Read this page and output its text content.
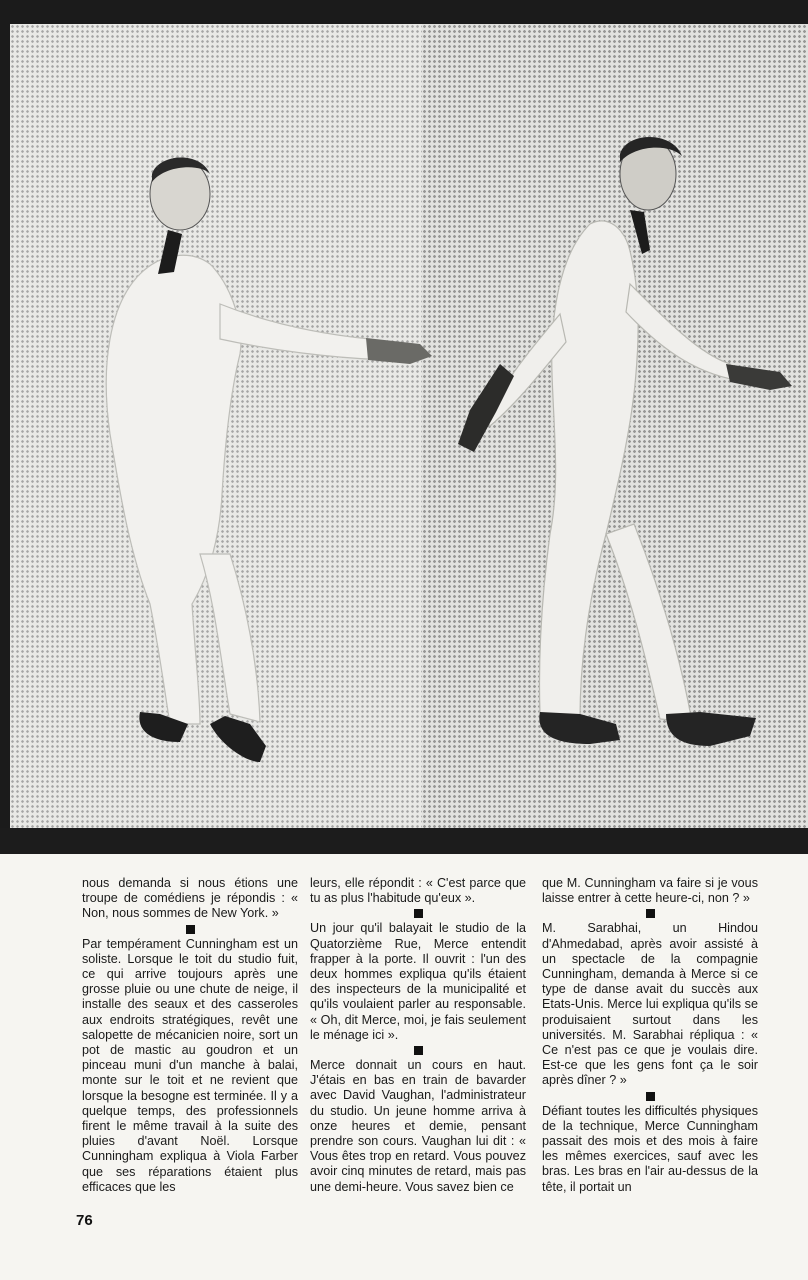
nous demanda si nous étions une troupe de comédiens je répondis : « Non, nous sommes de New York. »

Par tempérament Cunningham est un soliste. Lorsque le toit du studio fuit, ce qui arrive toujours après une grosse pluie ou une chute de neige, il installe des seaux et des casseroles aux endroits stratégiques, revêt une salopette de mécanicien noire, sort un pot de mastic au goudron et un pinceau muni d'un manche à balai, monte sur le toit et ne revient que lorsque la besogne est terminée. Il y a quelque temps, des professionnels firent le même travail à la suite des pluies d'avant Noël. Lorsque Cunningham expliqua à Viola Farber que ses réparations étaient plus efficaces que les

leurs, elle répondit : « C'est parce que tu as plus l'habitude qu'eux ».

Un jour qu'il balayait le studio de la Quatorzième Rue, Merce entendit frapper à la porte. Il ouvrit : l'un des deux hommes expliqua qu'ils étaient des inspecteurs de la municipalité et qu'ils voulaient parler au responsable. « Oh, dit Merce, moi, je fais seulement le ménage ici ».

Merce donnait un cours en haut. J'étais en bas en train de bavarder avec David Vaughan, l'administrateur du studio. Un jeune homme arriva à onze heures et demie, pensant prendre son cours. Vaughan lui dit : « Vous êtes trop en retard. Vous pouvez avoir cinq minutes de retard, mais pas une demi-heure. Vous savez bien ce

que M. Cunningham va faire si je vous laisse entrer à cette heure-ci, non ? »

M. Sarabhai, un Hindou d'Ahmedabad, après avoir assisté à un spectacle de la compagnie Cunningham, demanda à Merce si ce type de danse avait du succès aux Etats-Unis. Merce lui expliqua qu'ils se produisaient surtout dans les universités. M. Sarabhai répliqua : « Ce n'est pas ce que je voulais dire. Est-ce que les gens font ça le soir après dîner ? »

Défiant toutes les difficultés physiques de la technique, Merce Cunningham passait des mois et des mois à faire les mêmes exercices, sauf avec les bras. Les bras en l'air au-dessus de la tête, il portait un

76
